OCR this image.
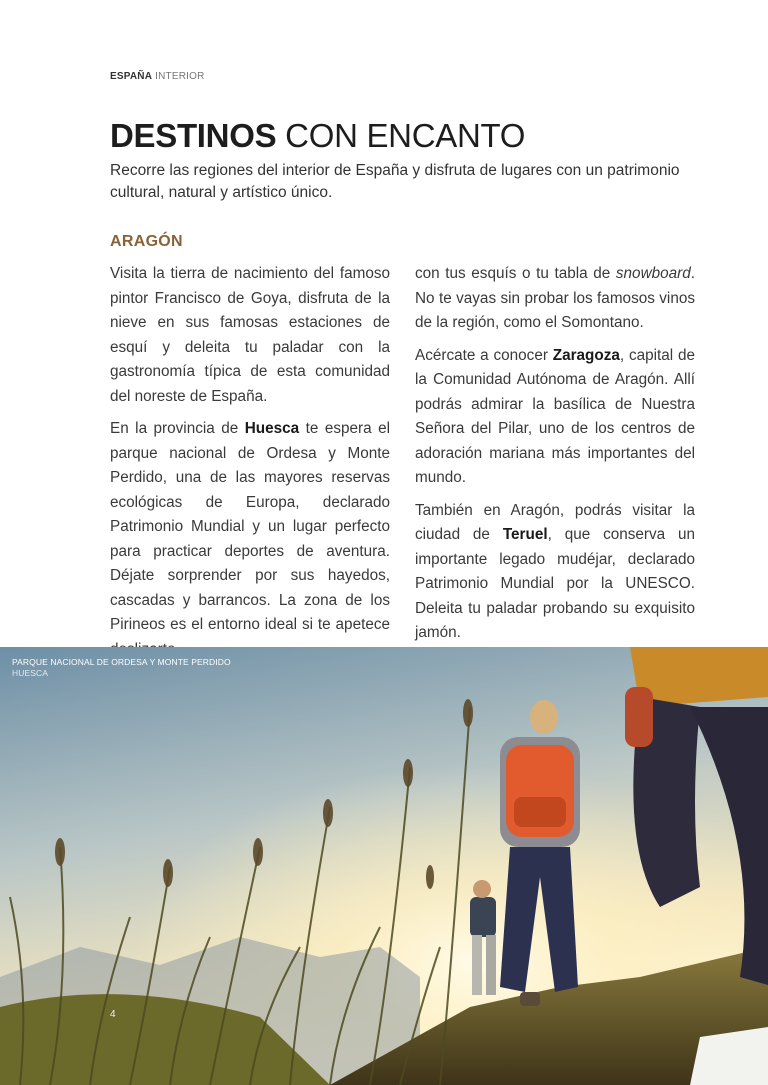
ESPAÑA INTERIOR
DESTINOS CON ENCANTO

Recorre las regiones del interior de España y disfruta de lugares con un patrimonio cultural, natural y artístico único.

ARAGÓN

Visita la tierra de nacimiento del famoso pintor Francisco de Goya, disfruta de la nieve en sus famosas estaciones de esquí y deleita tu paladar con la gastronomía típica de esta comunidad del noreste de España.

En la provincia de Huesca te espera el parque nacional de Ordesa y Monte Perdido, una de las mayores reservas ecológicas de Europa, declarado Patrimonio Mundial y un lugar perfecto para practicar deportes de aventura. Déjate sorprender por sus hayedos, cascadas y barrancos. La zona de los Pirineos es el entorno ideal si te apetece

con tus esquís o tu tabla de snowboard. No te vayas sin probar los famosos vinos de la región, como el Somontano.

Acércate a conocer Zaragoza, capital de la Comunidad Autónoma de Aragón. Allí podrás admirar la basílica de Nuestra Señora del Pilar, uno de los centros de adoración mariana más importantes del mundo.

También en Aragón, podrás visitar la ciudad de Teruel, que conserva un importante legado mudéjar, declarado Patrimonio Mundial por la UNESCO. Deleita tu paladar probando su exquisito jamón.

PARQUE NACIONAL DE ORDESA Y MONTE PERDIDO
HUESCA
4
